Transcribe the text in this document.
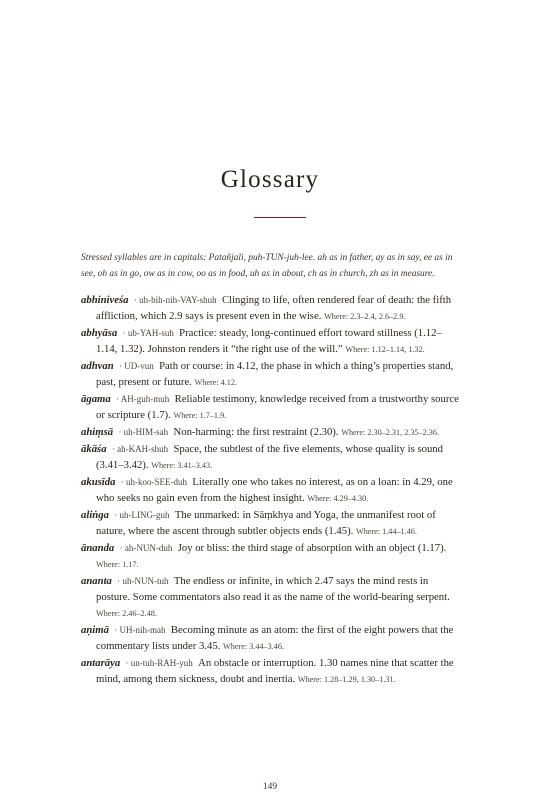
Glossary

Stressed syllables are in capitals: Patañjali, puh-TUN-juh-lee. ah as in father, ay as in say, ee as in see, oh as in go, ow as in cow, oo as in food, uh as in about, ch as in church, zh as in measure.

abhiniveśa · uh-bih-nih-VAY-shuh Clinging to life, often rendered fear of death: the fifth affliction, which 2.9 says is present even in the wise. Where: 2.3–2.4, 2.6–2.9.

abhyāsa · ub-YAH-suh Practice: steady, long-continued effort toward stillness (1.12–1.14, 1.32). Johnston renders it “the right use of the will.” Where: 1.12–1.14, 1.32.

adhvan · UD-vun Path or course: in 4.12, the phase in which a thing’s properties stand, past, present or future. Where: 4.12.

āgama · AH-guh-muh Reliable testimony, knowledge received from a trustworthy source or scripture (1.7). Where: 1.7–1.9.

ahiṃsā · uh-HIM-sah Non-harming: the first restraint (2.30). Where: 2.30–2.31, 2.35–2.36.

ākāśa · ah-KAH-shuh Space, the subtlest of the five elements, whose quality is sound (3.41–3.42). Where: 3.41–3.43.

akusīda · uh-koo-SEE-duh Literally one who takes no interest, as on a loan: in 4.29, one who seeks no gain even from the highest insight. Where: 4.29–4.30.

aliṅga · uh-LING-guh The unmarked: in Sāṃkhya and Yoga, the unmanifest root of nature, where the ascent through subtler objects ends (1.45). Where: 1.44–1.46.

ānanda · ah-NUN-duh Joy or bliss: the third stage of absorption with an object (1.17). Where: 1.17.

ananta · uh-NUN-tuh The endless or infinite, in which 2.47 says the mind rests in posture. Some commentators also read it as the name of the world-bearing serpent. Where: 2.46–2.48.

aṇimā · UH-nih-mah Becoming minute as an atom: the first of the eight powers that the commentary lists under 3.45. Where: 3.44–3.46.

antarāya · un-tuh-RAH-yuh An obstacle or interruption. 1.30 names nine that scatter the mind, among them sickness, doubt and inertia. Where: 1.28–1.29, 1.30–1.31.

149
